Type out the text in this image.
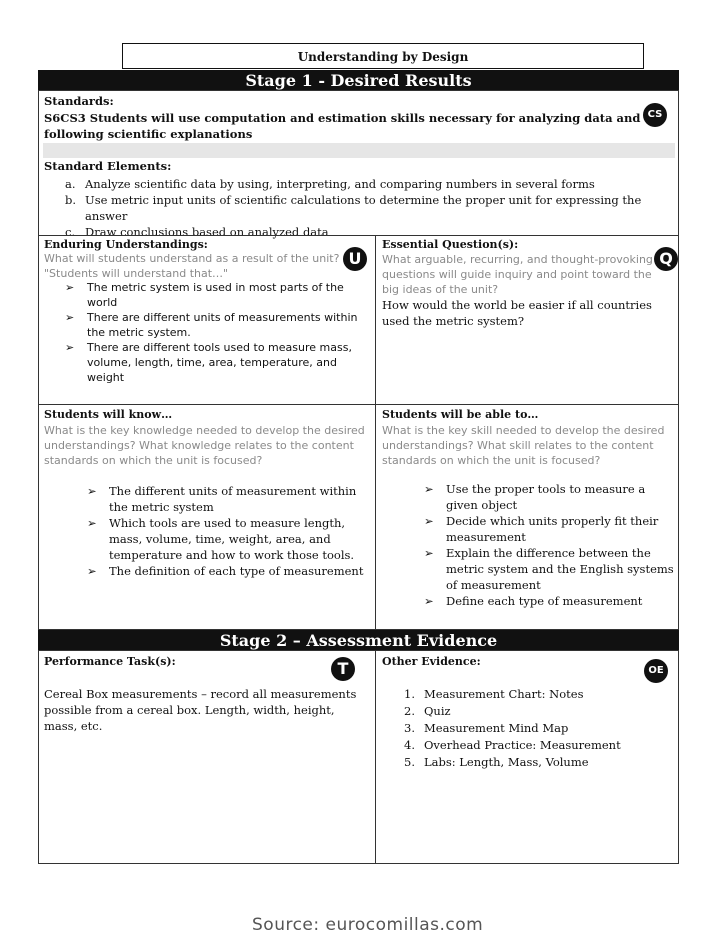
Understanding by Design
Stage 1 - Desired Results
Standards:
S6CS3 Students will use computation and estimation skills necessary for analyzing data and following scientific explanations
CS
Standard Elements:
a. Analyze scientific data by using, interpreting, and comparing numbers in several forms
b. Use metric input units of scientific calculations to determine the proper unit for expressing the answer
c. Draw conclusions based on analyzed data
Enduring Understandings:
U
What will students understand as a result of the unit? "Students will understand that…"
➢ The metric system is used in most parts of the world
➢ There are different units of measurements within the metric system.
➢ There are different tools used to measure mass, volume, length, time, area, temperature, and weight
Essential Question(s):
Q
What arguable, recurring, and thought-provoking questions will guide inquiry and point toward the big ideas of the unit?
How would the world be easier if all countries used the metric system?
Students will know…
What is the key knowledge needed to develop the desired understandings? What knowledge relates to the content standards on which the unit is focused?
➢ The different units of measurement within the metric system
➢ Which tools are used to measure length, mass, volume, time, weight, area, and temperature and how to work those tools.
➢ The definition of each type of measurement
Students will be able to…
What is the key skill needed to develop the desired understandings? What skill relates to the content standards on which the unit is focused?
➢ Use the proper tools to measure a given object
➢ Decide which units properly fit their measurement
➢ Explain the difference between the metric system and the English systems of measurement
➢ Define each type of measurement
Stage 2 – Assessment Evidence
Performance Task(s):	T
Cereal Box measurements – record all measurements possible from a cereal box. Length, width, height, mass, etc.
Other Evidence:
OE
1. Measurement Chart: Notes
2. Quiz
3. Measurement Mind Map
4. Overhead Practice: Measurement
5. Labs: Length, Mass, Volume
Source: eurocomillas.com
